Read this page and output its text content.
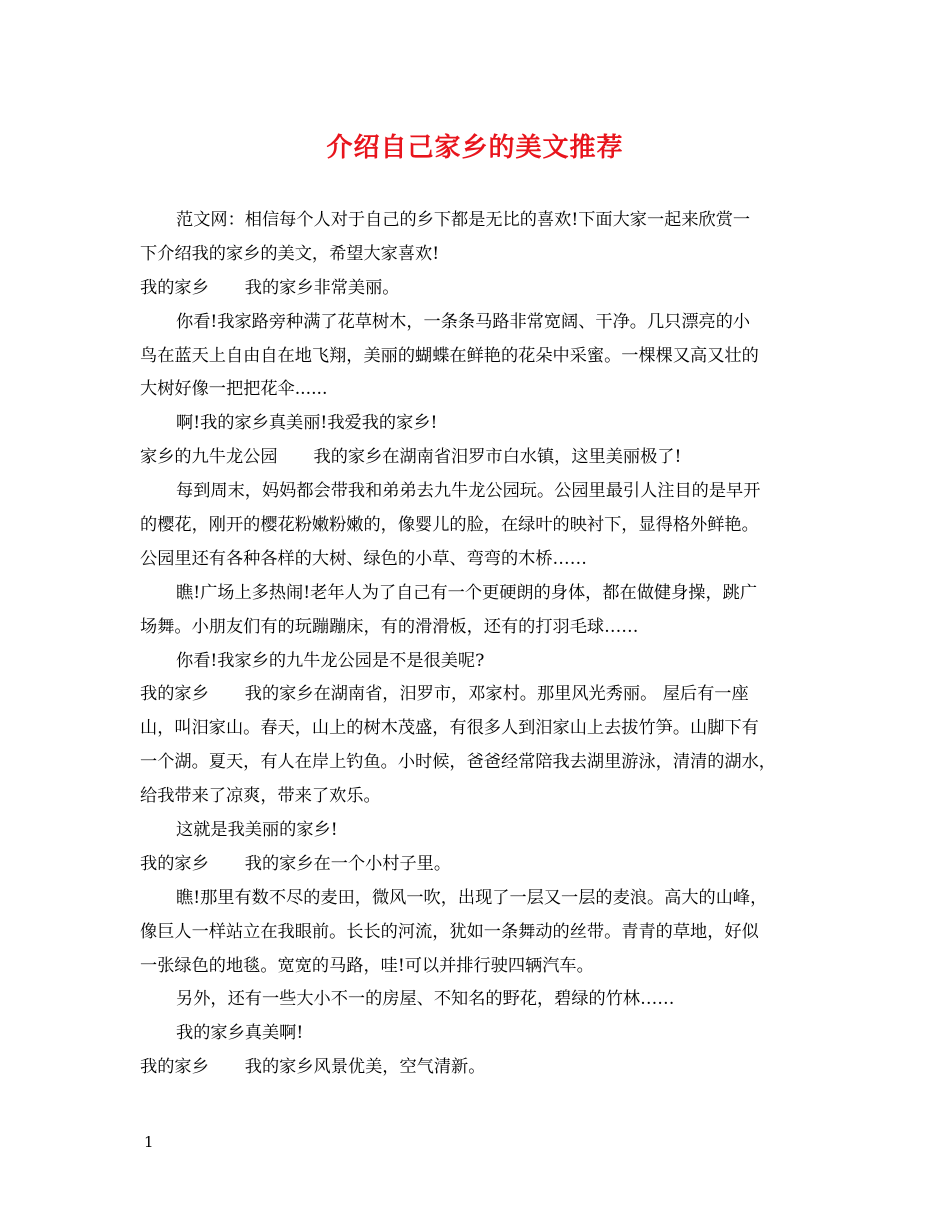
介绍自己家乡的美文推荐
范文网：相信每个人对于自己的乡下都是无比的喜欢!下面大家一起来欣赏一
下介绍我的家乡的美文，希望大家喜欢!
我的家乡 我的家乡非常美丽。
你看!我家路旁种满了花草树木，一条条马路非常宽阔、干净。几只漂亮的小
鸟在蓝天上自由自在地飞翔，美丽的蝴蝶在鲜艳的花朵中采蜜。一棵棵又高又壮的
大树好像一把把花伞......
啊!我的家乡真美丽!我爱我的家乡!
家乡的九牛龙公园 我的家乡在湖南省汨罗市白水镇，这里美丽极了!
每到周末，妈妈都会带我和弟弟去九牛龙公园玩。公园里最引人注目的是早开
的樱花，刚开的樱花粉嫩粉嫩的，像婴儿的脸，在绿叶的映衬下，显得格外鲜艳。
公园里还有各种各样的大树、绿色的小草、弯弯的木桥……
瞧!广场上多热闹!老年人为了自己有一个更硬朗的身体，都在做健身操，跳广
场舞。小朋友们有的玩蹦蹦床，有的滑滑板，还有的打羽毛球……
你看!我家乡的九牛龙公园是不是很美呢?
我的家乡 我的家乡在湖南省，汨罗市，邓家村。那里风光秀丽。 屋后有一座
山，叫汨家山。春天，山上的树木茂盛，有很多人到汨家山上去拔竹笋。山脚下有
一个湖。夏天，有人在岸上钓鱼。小时候，爸爸经常陪我去湖里游泳，清清的湖水，
给我带来了凉爽，带来了欢乐。
这就是我美丽的家乡!
我的家乡 我的家乡在一个小村子里。
瞧!那里有数不尽的麦田，微风一吹，出现了一层又一层的麦浪。高大的山峰，
像巨人一样站立在我眼前。长长的河流，犹如一条舞动的丝带。青青的草地，好似
一张绿色的地毯。宽宽的马路，哇!可以并排行驶四辆汽车。
另外，还有一些大小不一的房屋、不知名的野花，碧绿的竹林……
我的家乡真美啊!
我的家乡 我的家乡风景优美，空气清新。
1
